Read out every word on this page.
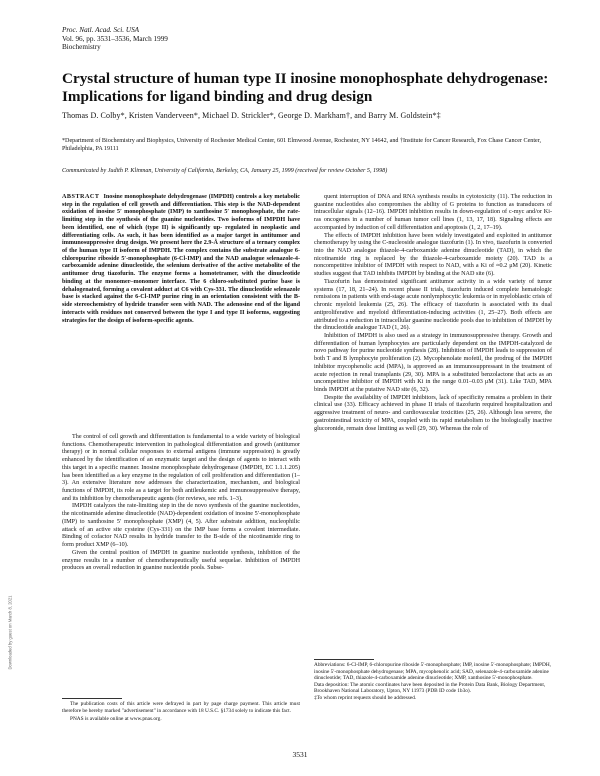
Proc. Natl. Acad. Sci. USA
Vol. 96, pp. 3531–3536, March 1999
Biochemistry
Crystal structure of human type II inosine monophosphate dehydrogenase: Implications for ligand binding and drug design
Thomas D. Colby*, Kristen Vanderveen*, Michael D. Strickler*, George D. Markham†, and Barry M. Goldstein*‡
*Department of Biochemistry and Biophysics, University of Rochester Medical Center, 601 Elmwood Avenue, Rochester, NY 14642, and †Institute for Cancer Research, Fox Chase Cancer Center, Philadelphia, PA 19111
Communicated by Judith P. Klinman, University of California, Berkeley, CA, January 25, 1999 (received for review October 5, 1998)
ABSTRACT Inosine monophosphate dehydrogenase (IMPDH) controls a key metabolic step in the regulation of cell growth and differentiation. This step is the NAD-dependent oxidation of inosine 5′ monophosphate (IMP) to xanthosine 5′ monophosphate, the rate-limiting step in the synthesis of the guanine nucleotides. Two isoforms of IMPDH have been identified, one of which (type II) is significantly up- regulated in neoplastic and differentiating cells. As such, it has been identified as a major target in antitumor and immunosuppressive drug design. We present here the 2.9-Å structure of a ternary complex of the human type II isoform of IMPDH. The complex contains the substrate analogue 6-chloropurine riboside 5′-monophosphate (6-Cl-IMP) and the NAD analogue selenazole-4-carboxamide adenine dinucleotide, the selenium derivative of the active metabolite of the antitumor drug tiazofurin. The enzyme forms a homotetramer, with the dinucleotide binding at the monomer–monomer interface. The 6 chloro-substituted purine base is dehalogenated, forming a covalent adduct at C6 with Cys-331. The dinucleotide selenazole base is stacked against the 6-Cl-IMP purine ring in an orientation consistent with the B-side stereochemistry of hydride transfer seen with NAD. The adenosine end of the ligand interacts with residues not conserved between the type I and type II isoforms, suggesting strategies for the design of isoform-specific agents.

The control of cell growth and differentiation is fundamental to a wide variety of biological functions. Chemotherapeutic intervention in pathological differentiation and growth (antitumor therapy) or in normal cellular responses to external antigens (immune suppression) is greatly enhanced by the identification of an enzymatic target and the design of agents to interact with this target in a specific manner. Inosine monophosphate dehydrogenase (IMPDH, EC 1.1.1.205) has been identified as a key enzyme in the regulation of cell proliferation and differentiation (1–3). An extensive literature now addresses the characterization, mechanism, and biological functions of IMPDH, its role as a target for both antileukemic and immunosuppressive therapy, and its inhibition by chemotherapeutic agents (for reviews, see refs. 1–3).

IMPDH catalyzes the rate-limiting step in the de novo synthesis of the guanine nucleotides, the nicotinamide adenine dinucleotide (NAD)-dependent oxidation of inosine 5′-monophosphate (IMP) to xanthosine 5′ monophosphate (XMP) (4, 5). After substrate addition, nucleophilic attack of an active site cysteine (Cys-331) on the IMP base forms a covalent intermediate. Binding of cofactor NAD results in hydride transfer to the B-side of the nicotinamide ring to form product XMP (6–10).

Given the central position of IMPDH in guanine nucleotide synthesis, inhibition of the enzyme results in a number of chemotherapeutically useful sequelae. Inhibition of IMPDH produces an overall reduction in guanine nucleotide pools. Subse-

quent interruption of DNA and RNA synthesis results in cytotoxicity (11). The reduction in guanine nucleotides also compromises the ability of G proteins to function as transducers of intracellular signals (12–16). IMPDH inhibition results in down-regulation of c-myc and/or Ki-ras oncogenes in a number of human tumor cell lines (1, 13, 17, 18). Signaling effects are accompanied by induction of cell differentiation and apoptosis (1, 2, 17–19).

The effects of IMPDH inhibition have been widely investigated and exploited in antitumor chemotherapy by using the C-nucleoside analogue tiazofurin (1). In vivo, tiazofurin is converted into the NAD analogue thiazole-4-carboxamide adenine dinucleotide (TAD), in which the nicotinamide ring is replaced by the thiazole-4-carboxamide moiety (20). TAD is a noncompetitive inhibitor of IMPDH with respect to NAD, with a Ki of ≈0.2 μM (20). Kinetic studies suggest that TAD inhibits IMPDH by binding at the NAD site (6).

Tiazofurin has demonstrated significant antitumor activity in a wide variety of tumor systems (17, 18, 21–24). In recent phase II trials, tiazofurin induced complete hematologic remissions in patients with end-stage acute nonlymphocytic leukemia or in myeloblastic crisis of chronic myeloid leukemia (25, 26). The efficacy of tiazofurin is associated with its dual antiproliferative and myeloid differentiation-inducing activities (1, 25–27). Both effects are attributed to a reduction in intracellular guanine nucleotide pools due to inhibition of IMPDH by the dinucleotide analogue TAD (1, 26).

Inhibition of IMPDH is also used as a strategy in immunosuppressive therapy. Growth and differentiation of human lymphocytes are particularly dependent on the IMPDH-catalyzed de novo pathway for purine nucleotide synthesis (28). Inhibition of IMPDH leads to suppression of both T and B lymphocyte proliferation (2). Mycophenolate mofetil, the prodrug of the IMPDH inhibitor mycophenolic acid (MPA), is approved as an immunosuppressant in the treatment of acute rejection in renal transplants (29, 30). MPA is a substituted benzolactone that acts as an uncompetitive inhibitor of IMPDH with Ki in the range 0.01–0.03 μM (31). Like TAD, MPA binds IMPDH at the putative NAD site (6, 32).

Despite the availability of IMPDH inhibitors, lack of specificity remains a problem in their clinical use (33). Efficacy achieved in phase II trials of tiazofurin required hospitalization and aggressive treatment of neuro- and cardiovascular toxicities (25, 26). Although less severe, the gastrointestinal toxicity of MPA, coupled with its rapid metabolism to the biologically inactive glucoronide, remain dose limiting as well (29, 30). Whereas the role of

The publication costs of this article were defrayed in part by page charge payment. This article must therefore be hereby marked "advertisement" in accordance with 18 U.S.C. §1734 solely to indicate this fact.

PNAS is available online at www.pnas.org.

Abbreviations: 6-Cl-IMP, 6-chloropurine riboside 5′-monophosphate; IMP, inosine 5′-monophosphate; IMPDH, inosine 5′-monophosphate dehydrogenase; MPA, mycophenolic acid; SAD, selenazole-4-carboxamide adenine dinucleotide; TAD, thiazole-4-carboxamide adenine dinucleotide; XMP, xanthosine 5′-monophosphate.

Data deposition: The atomic coordinates have been deposited in the Protein Data Bank, Biology Department, Brookhaven National Laboratory, Upton, NY 11973 (PDB ID code 1b3o).

‡To whom reprint requests should be addressed.

3531
Downloaded by guest on March 8, 2021
